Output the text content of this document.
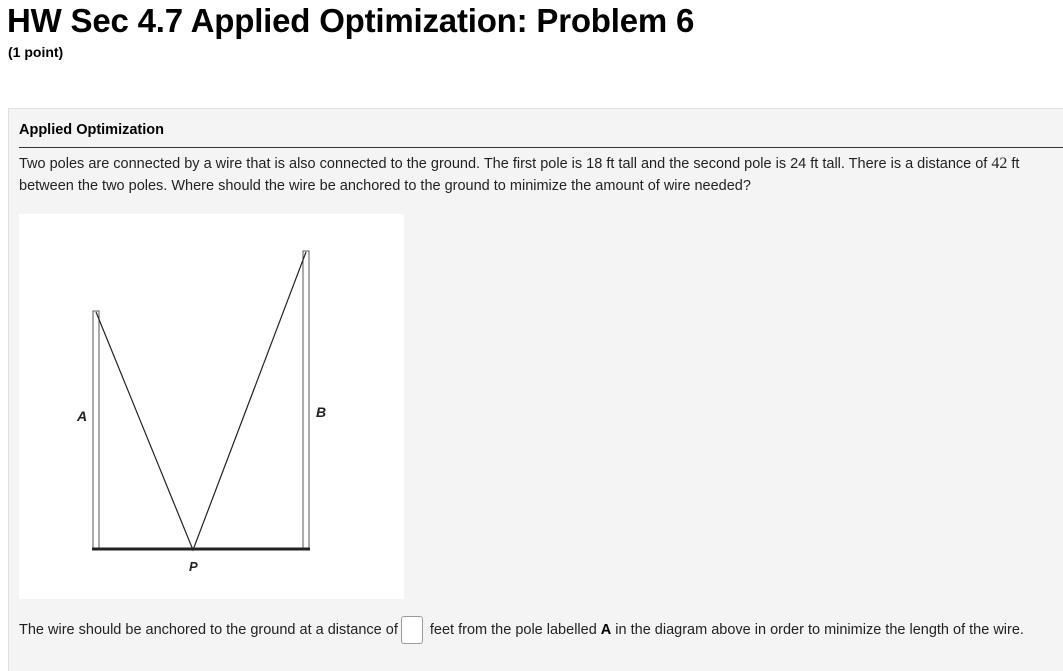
HW Sec 4.7 Applied Optimization: Problem 6
(1 point)
Applied Optimization
Two poles are connected by a wire that is also connected to the ground. The first pole is 18 ft tall and the second pole is 24 ft tall. There is a distance of 42 ft between the two poles. Where should the wire be anchored to the ground to minimize the amount of wire needed?
A	B
P
The wire should be anchored to the ground at a distance of feet from the pole labelled A in the diagram above in order to minimize the length of the wire.
